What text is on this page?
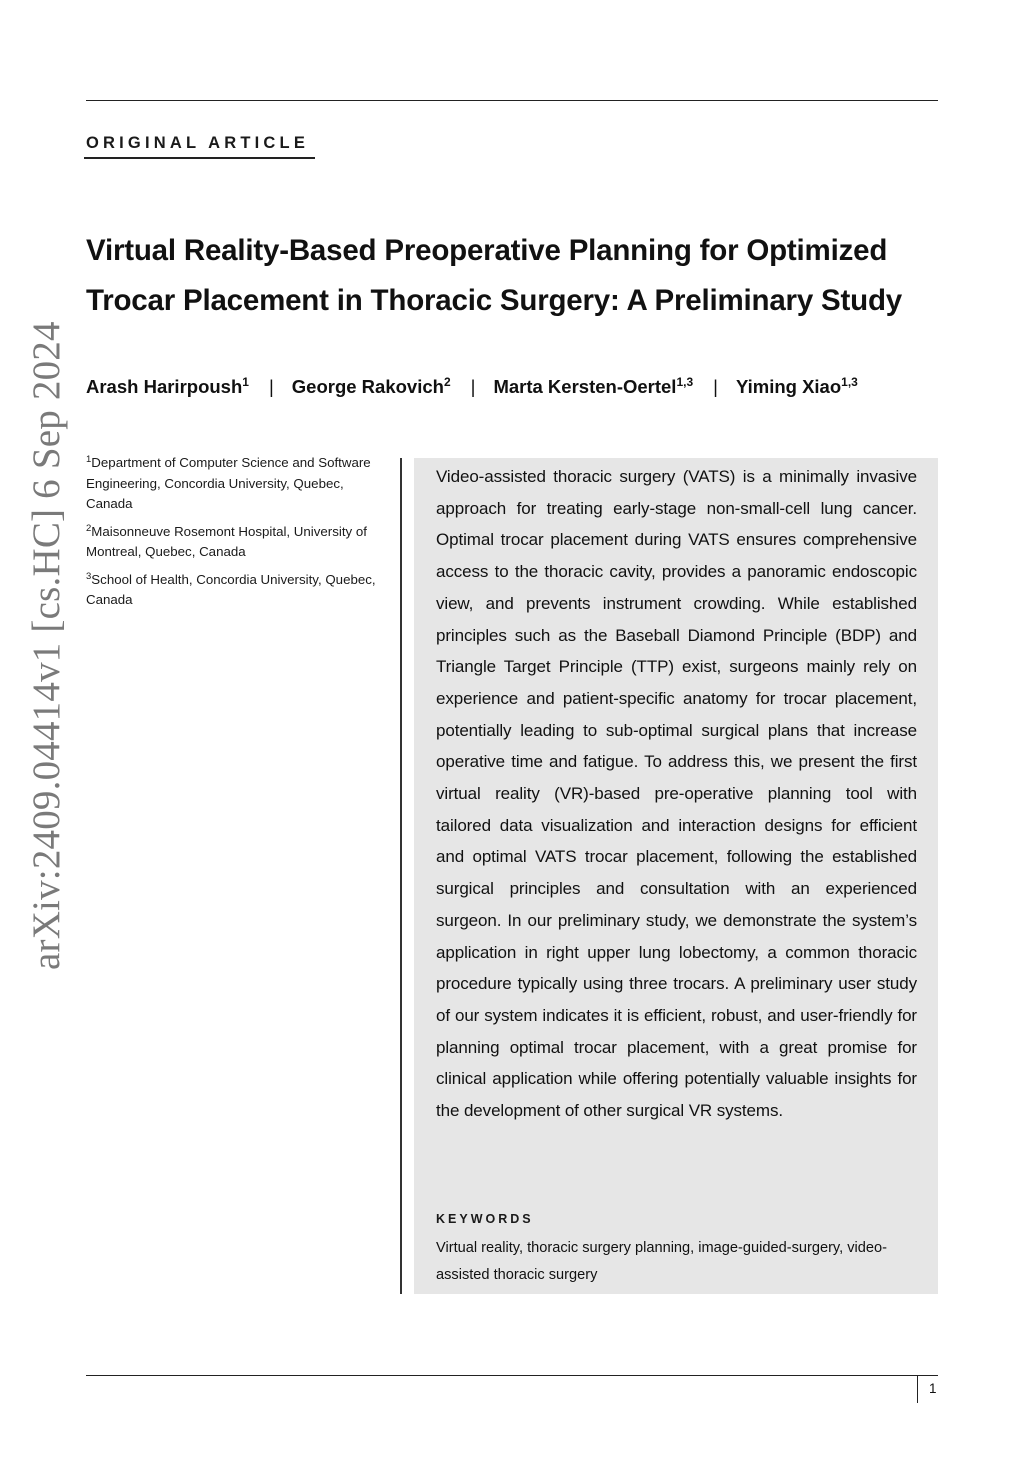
ORIGINAL ARTICLE
arXiv:2409.04414v1 [cs.HC] 6 Sep 2024
Virtual Reality-Based Preoperative Planning for Optimized Trocar Placement in Thoracic Surgery: A Preliminary Study
Arash Harirpoush$^1$ | George Rakovich$^2$ | Marta Kersten-Oertel$^{1,3}$ | Yiming Xiao$^{1,3}$
$^1$Department of Computer Science and Software Engineering, Concordia University, Quebec, Canada
$^2$Maisonneuve Rosemont Hospital, University of Montreal, Quebec, Canada
$^3$School of Health, Concordia University, Quebec, Canada

Video-assisted thoracic surgery (VATS) is a minimally invasive approach for treating early-stage non-small-cell lung cancer. Optimal trocar placement during VATS ensures comprehensive access to the thoracic cavity, provides a panoramic endoscopic view, and prevents instrument crowding. While established principles such as the Baseball Diamond Principle (BDP) and Triangle Target Principle (TTP) exist, surgeons mainly rely on experience and patient-specific anatomy for trocar placement, potentially leading to sub-optimal surgical plans that increase operative time and fatigue. To address this, we present the first virtual reality (VR)-based pre-operative planning tool with tailored data visualization and interaction designs for efficient and optimal VATS trocar placement, following the established surgical principles and consultation with an experienced surgeon. In our preliminary study, we demonstrate the system’s application in right upper lung lobectomy, a common thoracic procedure typically using three trocars. A preliminary user study of our system indicates it is efficient, robust, and user-friendly for planning optimal trocar placement, with a great promise for clinical application while offering potentially valuable insights for the development of other surgical VR systems.

KEYWORDS
Virtual reality, thoracic surgery planning, image-guided-surgery, video-assisted thoracic surgery
1
